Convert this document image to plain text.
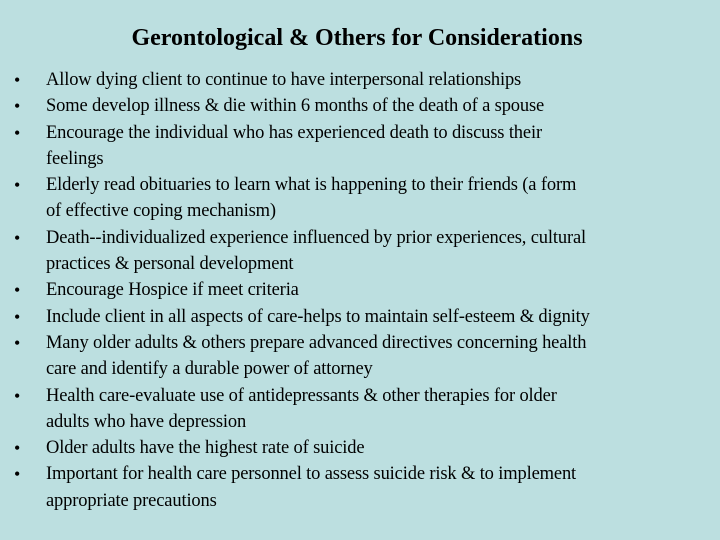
Gerontological & Others for Considerations
• Allow dying client to continue to have interpersonal relationships
• Some develop illness & die within 6 months of the death of a spouse
• Encourage the individual who has experienced death to discuss their
feelings
• Elderly read obituaries to learn what is happening to their friends (a form
of effective coping mechanism)
• Death--individualized experience influenced by prior experiences, cultural
practices & personal development
• Encourage Hospice if meet criteria
• Include client in all aspects of care-helps to maintain self-esteem & dignity
• Many older adults & others prepare advanced directives concerning health
care and identify a durable power of attorney
• Health care-evaluate use of antidepressants & other therapies for older
adults who have depression
• Older adults have the highest rate of suicide
• Important for health care personnel to assess suicide risk & to implement
appropriate precautions
